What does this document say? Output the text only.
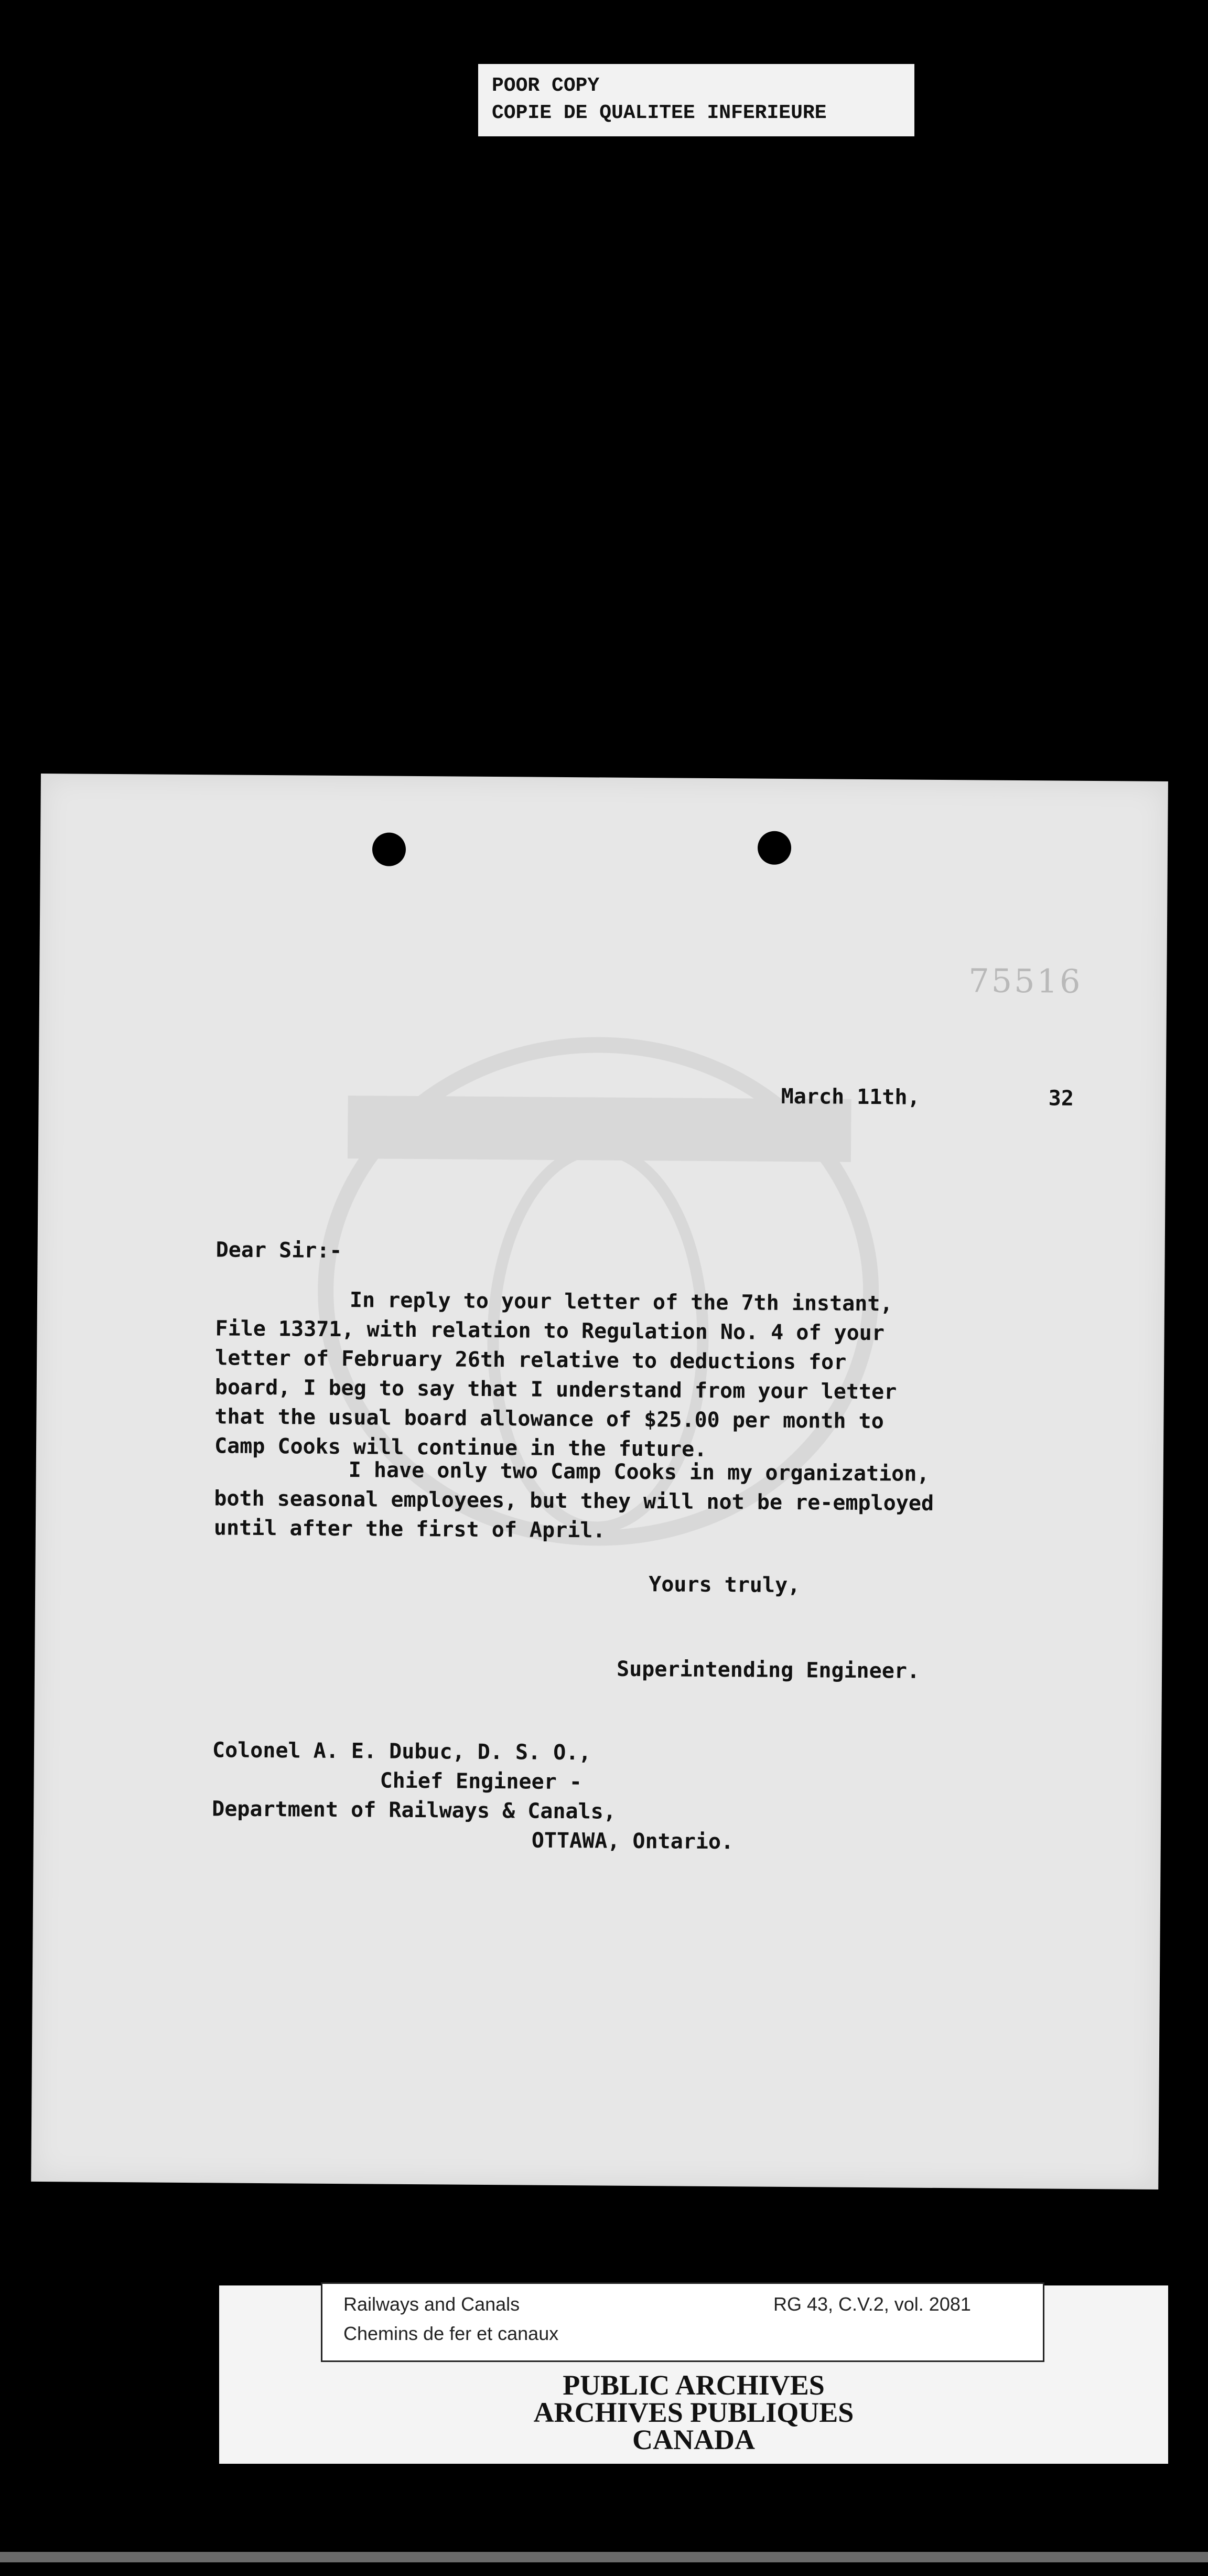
POOR COPY
COPIE DE QUALITEE INFERIEURE
75516
March 11th,	32
Dear Sir:-
In reply to your letter of the 7th instant,
File 13371, with relation to Regulation No. 4 of your
letter of February 26th relative to deductions for
board, I beg to say that I understand from your letter
that the usual board allowance of $25.00 per month to
Camp Cooks will continue in the future.
I have only two Camp Cooks in my organization,
both seasonal employees, but they will not be re-employed
until after the first of April.
Yours truly,
Superintending Engineer.
Colonel A. E. Dubuc, D. S. O.,
Chief Engineer -
Department of Railways & Canals,
OTTAWA, Ontario.
Railways and Canals
Chemins de fer et canaux
RG 43, C.V.2, vol. 2081
PUBLIC ARCHIVES
ARCHIVES PUBLIQUES
CANADA
